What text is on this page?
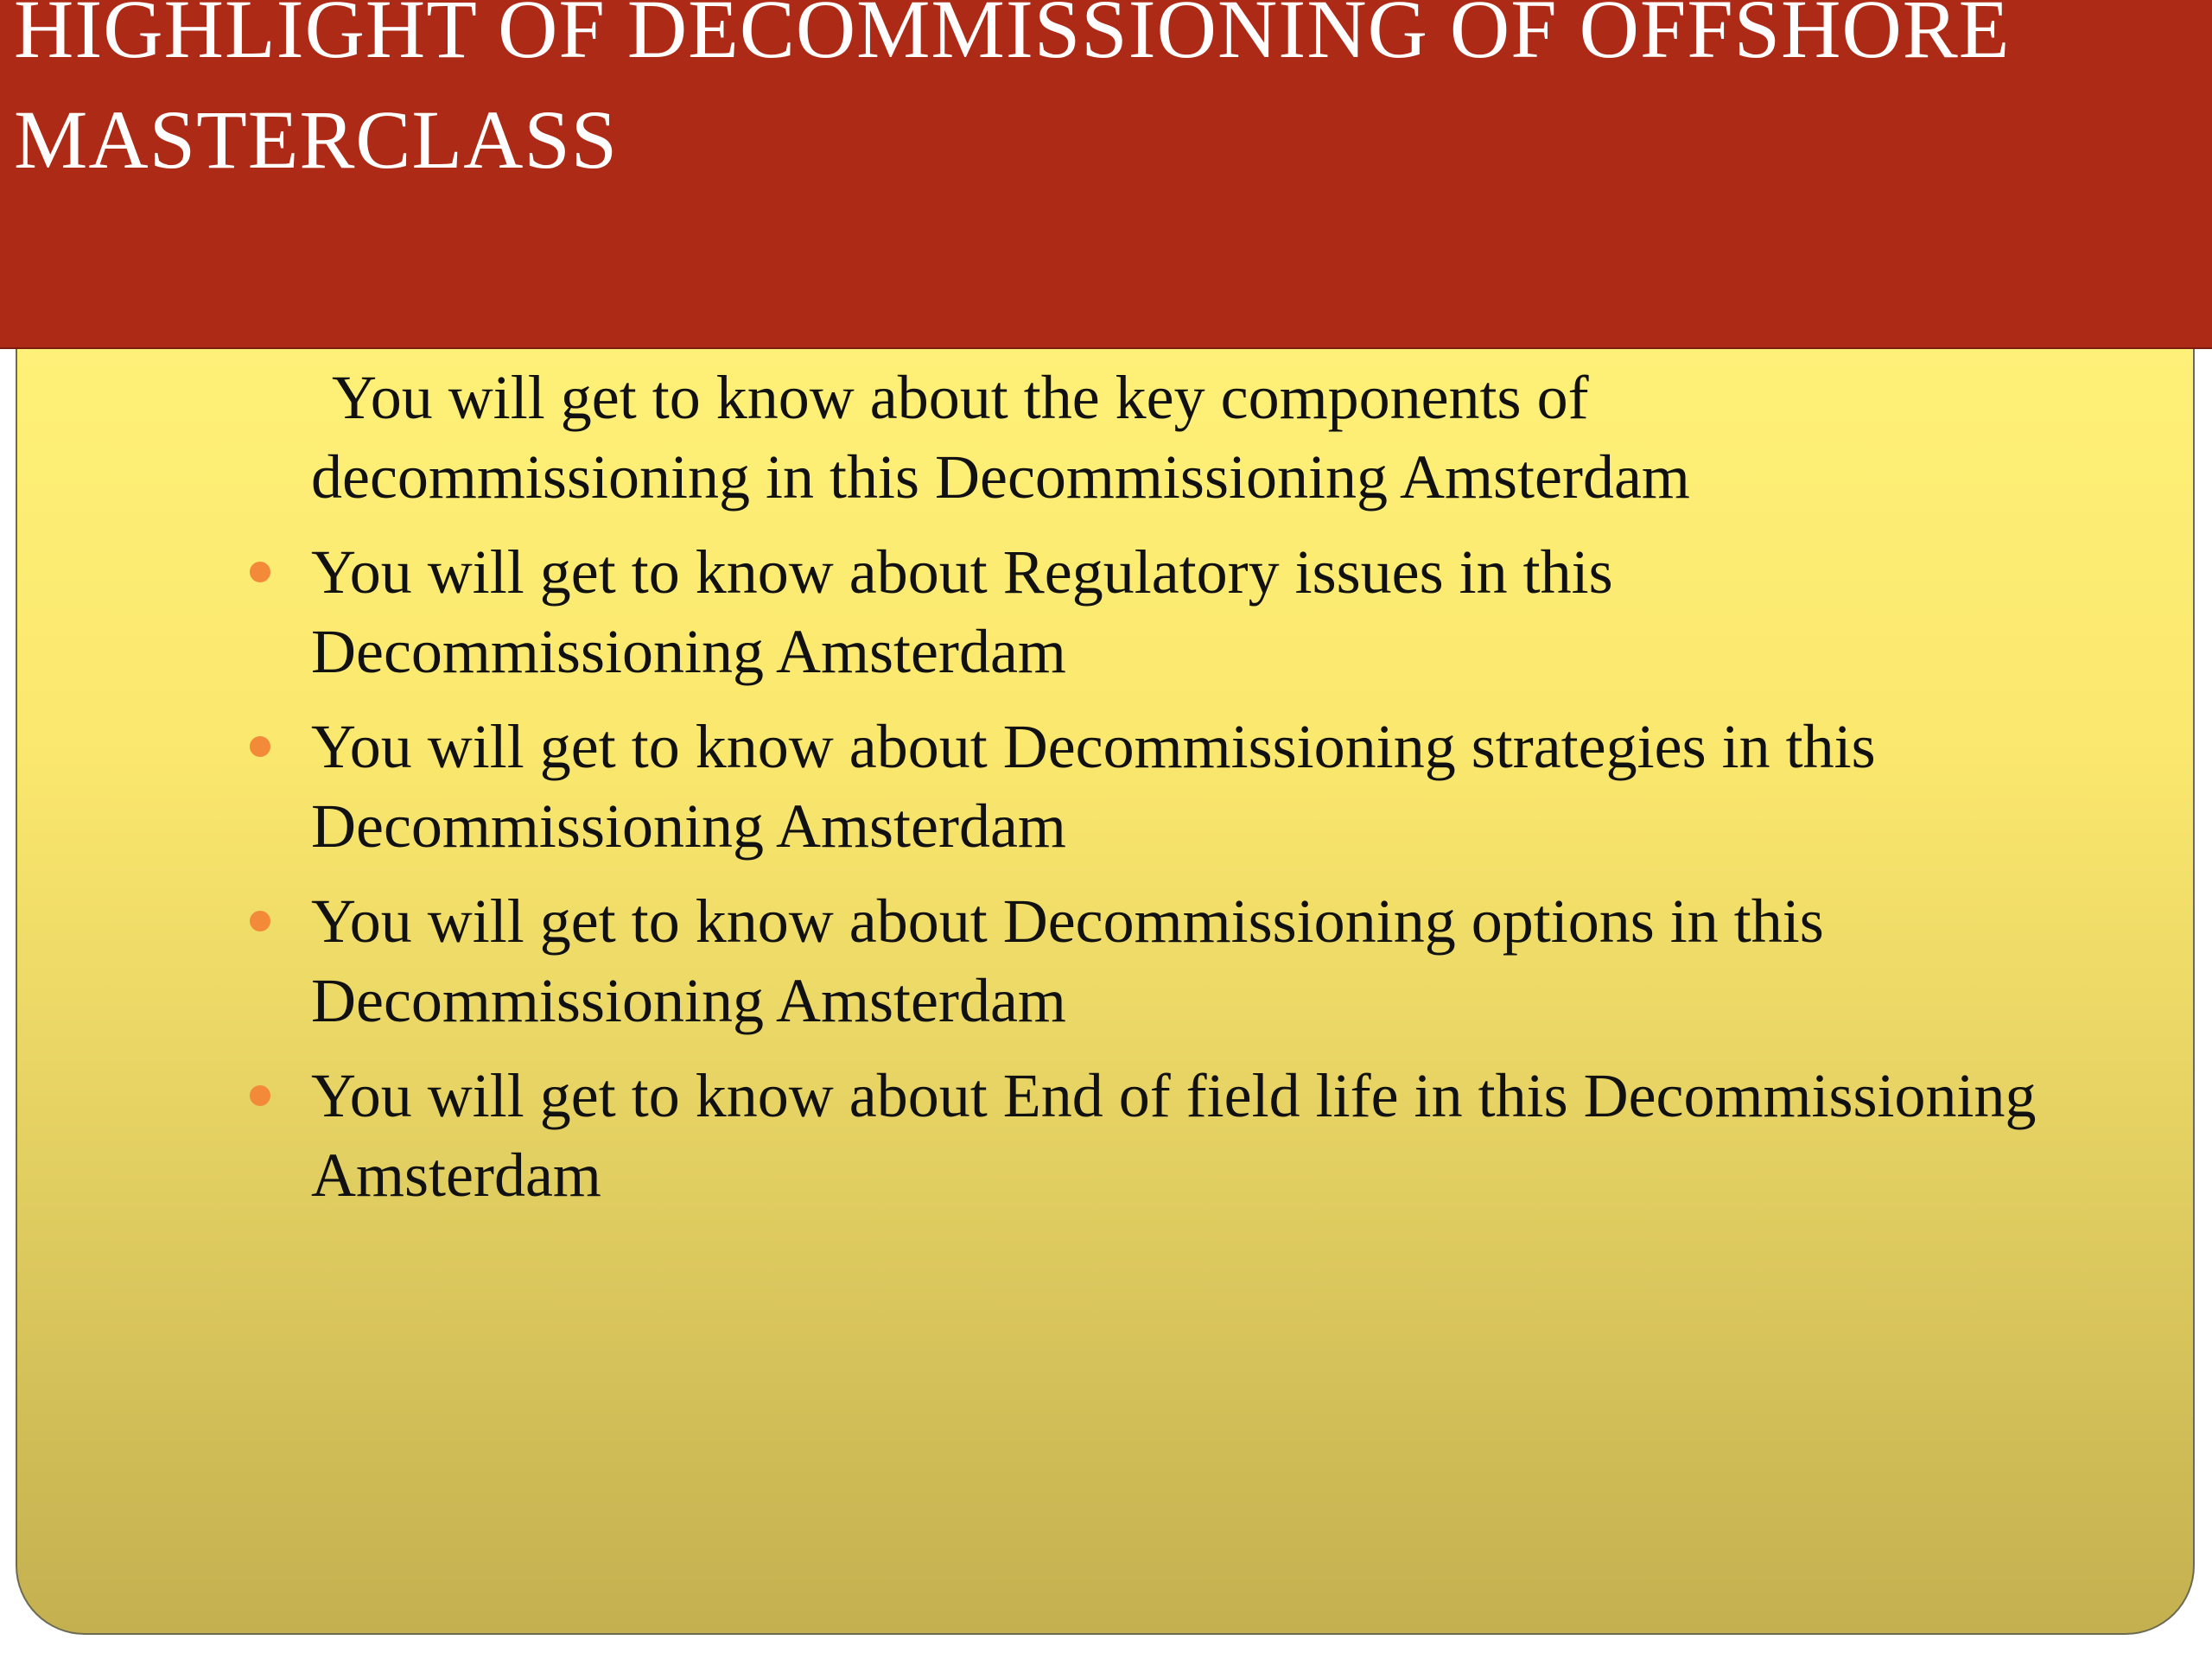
HIGHLIGHT OF DECOMMISSIONING OF OFFSHORE MASTERCLASS
You will get to know about the key components of decommissioning in this Decommissioning Amsterdam
You will get to know about Regulatory issues in this Decommissioning Amsterdam
You will get to know about Decommissioning strategies in this Decommissioning Amsterdam
You will get to know about Decommissioning options in this Decommissioning Amsterdam
You will get to know about End of field life in this Decommissioning Amsterdam
